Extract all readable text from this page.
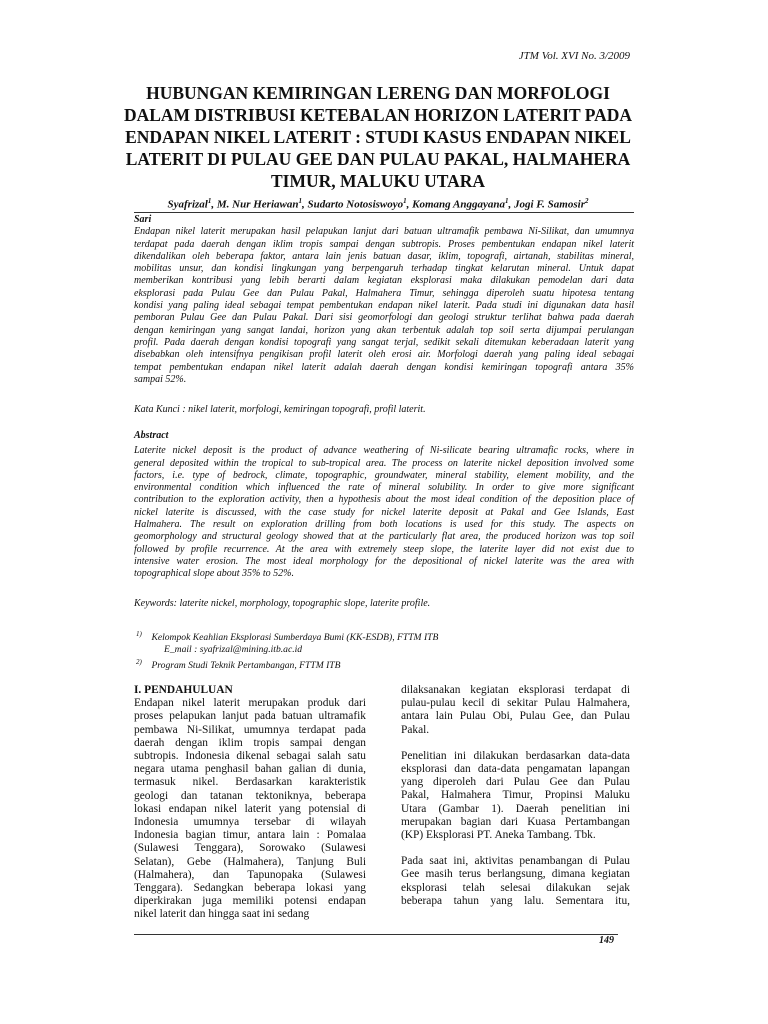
JTM Vol. XVI No. 3/2009
HUBUNGAN KEMIRINGAN LERENG DAN MORFOLOGI
DALAM DISTRIBUSI KETEBALAN HORIZON LATERIT PADA
ENDAPAN NIKEL LATERIT : STUDI KASUS ENDAPAN NIKEL
LATERIT DI PULAU GEE DAN PULAU PAKAL, HALMAHERA
TIMUR, MALUKU UTARA
Syafrizal$^1$, M. Nur Heriawan$^1$, Sudarto Notosiswoyo$^1$, Komang Anggayana$^1$, Jogi F. Samosir$^2$
Sari
Endapan nikel laterit merupakan hasil pelapukan lanjut dari batuan ultramafik pembawa Ni-Silikat, dan umumnya
terdapat pada daerah dengan iklim tropis sampai dengan subtropis. Proses pembentukan endapan nikel laterit
dikendalikan oleh beberapa faktor, antara lain jenis batuan dasar, iklim, topografi, airtanah, stabilitas mineral,
mobilitas unsur, dan kondisi lingkungan yang berpengaruh terhadap tingkat kelarutan mineral. Untuk dapat
memberikan kontribusi yang lebih berarti dalam kegiatan eksplorasi maka dilakukan pemodelan dari data
eksplorasi pada Pulau Gee dan Pulau Pakal, Halmahera Timur, sehingga diperoleh suatu hipotesa tentang
kondisi yang paling ideal sebagai tempat pembentukan endapan nikel laterit. Pada studi ini digunakan data hasil
pemboran Pulau Gee dan Pulau Pakal. Dari sisi geomorfologi dan geologi struktur terlihat bahwa pada daerah
dengan kemiringan yang sangat landai, horizon yang akan terbentuk adalah top soil serta dijumpai perulangan
profil. Pada daerah dengan kondisi topografi yang sangat terjal, sedikit sekali ditemukan keberadaan laterit yang
disebabkan oleh intensifnya pengikisan profil laterit oleh erosi air. Morfologi daerah yang paling ideal sebagai
tempat pembentukan endapan nikel laterit adalah daerah dengan kondisi kemiringan topografi antara 35%
sampai 52%.
Kata Kunci : nikel laterit, morfologi, kemiringan topografi, profil laterit.
Abstract
Laterite nickel deposit is the product of advance weathering of Ni-silicate bearing ultramafic rocks, where in
general deposited within the tropical to sub-tropical area. The process on laterite nickel deposition involved some
factors, i.e. type of bedrock, climate, topographic, groundwater, mineral stability, element mobility, and the
environmental condition which influenced the rate of mineral solubility. In order to give more significant
contribution to the exploration activity, then a hypothesis about the most ideal condition of the deposition place of
nickel laterite is discussed, with the case study for nickel laterite deposit at Pakal and Gee Islands, East
Halmahera. The result on exploration drilling from both locations is used for this study. The aspects on
geomorphology and structural geology showed that at the particularly flat area, the produced horizon was top soil
followed by profile recurrence. At the area with extremely steep slope, the laterite layer did not exist due to
intensive water erosion. The most ideal morphology for the depositional of nickel laterite was the area with
topographical slope about 35% to 52%.
Keywords: laterite nickel, morphology, topographic slope, laterite profile.
$^{1)}$ Kelompok Keahlian Eksplorasi Sumberdaya Bumi (KK-ESDB), FTTM ITB
E_mail : syafrizal@mining.itb.ac.id
$^{2)}$ Program Studi Teknik Pertambangan, FTTM ITB
I. PENDAHULUAN
Endapan nikel laterit merupakan produk dari
proses pelapukan lanjut pada batuan ultramafik
pembawa Ni-Silikat, umumnya terdapat pada
daerah dengan iklim tropis sampai dengan
subtropis. Indonesia dikenal sebagai salah satu
negara utama penghasil bahan galian di dunia,
termasuk nikel. Berdasarkan karakteristik
geologi dan tatanan tektoniknya, beberapa
lokasi endapan nikel laterit yang potensial di
Indonesia umumnya tersebar di wilayah
Indonesia bagian timur, antara lain : Pomalaa
(Sulawesi Tenggara), Sorowako (Sulawesi
Selatan), Gebe (Halmahera), Tanjung Buli
(Halmahera), dan Tapunopaka (Sulawesi
Tenggara). Sedangkan beberapa lokasi yang
diperkirakan juga memiliki potensi endapan
nikel laterit dan hingga saat ini sedang
dilaksanakan kegiatan eksplorasi terdapat di
pulau-pulau kecil di sekitar Pulau Halmahera,
antara lain Pulau Obi, Pulau Gee, dan Pulau
Pakal.
Penelitian ini dilakukan berdasarkan data-data
eksplorasi dan data-data pengamatan lapangan
yang diperoleh dari Pulau Gee dan Pulau
Pakal, Halmahera Timur, Propinsi Maluku
Utara (Gambar 1). Daerah penelitian ini
merupakan bagian dari Kuasa Pertambangan
(KP) Eksplorasi PT. Aneka Tambang. Tbk.
Pada saat ini, aktivitas penambangan di Pulau
Gee masih terus berlangsung, dimana kegiatan
eksplorasi telah selesai dilakukan sejak
beberapa tahun yang lalu. Sementara itu,
149
